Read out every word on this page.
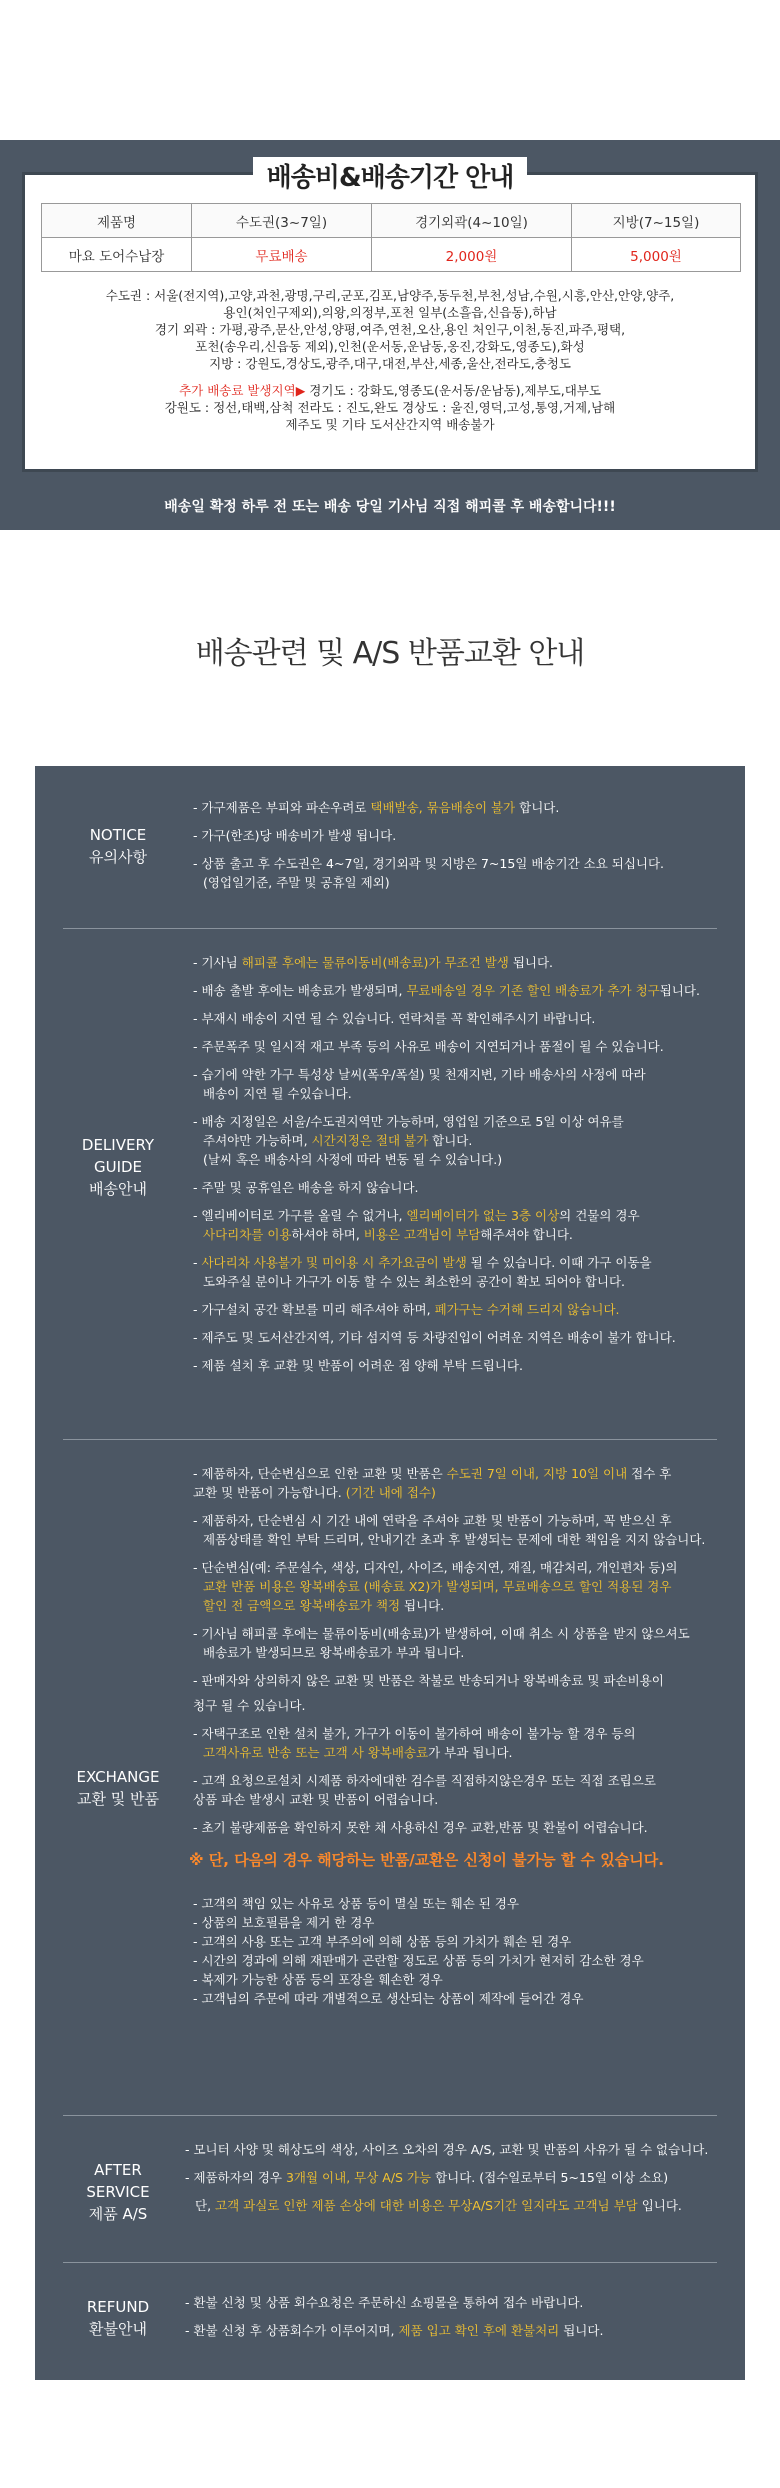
배송비&배송기간 안내
제품명	수도권(3~7일)	경기외곽(4~10일)	지방(7~15일)
마요 도어수납장	무료배송	2,000원	5,000원
수도권 : 서울(전지역),고양,과천,광명,구리,군포,김포,남양주,동두천,부천,성남,수원,시흥,안산,안양,양주,
용인(처인구제외),의왕,의정부,포천 일부(소흘읍,신읍동),하남
경기 외곽 : 가평,광주,문산,안성,양평,여주,연천,오산,용인 처인구,이천,동진,파주,평택,
포천(송우리,신읍동 제외),인천(운서동,운남동,옹진,강화도,영종도),화성
지방 : 강원도,경상도,광주,대구,대전,부산,세종,울산,전라도,충청도
추가 배송료 발생지역▶ 경기도 : 강화도,영종도(운서동/운남동),제부도,대부도
강원도 : 정선,태백,삼척 전라도 : 진도,완도 경상도 : 울진,영덕,고성,통영,거제,남해
제주도 및 기타 도서산간지역 배송불가
배송일 확정 하루 전 또는 배송 당일 기사님 직접 해피콜 후 배송합니다!!!
배송관련 및 A/S 반품교환 안내
NOTICE
유의사항
- 가구제품은 부피와 파손우려로 택배발송, 묶음배송이 불가 합니다.
- 가구(한조)당 배송비가 발생 됩니다.
- 상품 출고 후 수도권은 4~7일, 경기외곽 및 지방은 7~15일 배송기간 소요 되십니다.
(영업일기준, 주말 및 공휴일 제외)
DELIVERY
GUIDE
배송안내
- 기사님 해피콜 후에는 물류이동비(배송료)가 무조건 발생 됩니다.
- 배송 출발 후에는 배송료가 발생되며, 무료배송일 경우 기존 할인 배송료가 추가 청구됩니다.
- 부재시 배송이 지연 될 수 있습니다. 연락처를 꼭 확인해주시기 바랍니다.
- 주문폭주 및 일시적 재고 부족 등의 사유로 배송이 지연되거나 품절이 될 수 있습니다.
- 습기에 약한 가구 특성상 날씨(폭우/폭설) 및 천재지변, 기타 배송사의 사정에 따라
배송이 지연 될 수있습니다.
- 배송 지정일은 서울/수도권지역만 가능하며, 영업일 기준으로 5일 이상 여유를
주셔야만 가능하며, 시간지정은 절대 불가 합니다.
(날씨 혹은 배송사의 사정에 따라 변동 될 수 있습니다.)
- 주말 및 공휴일은 배송을 하지 않습니다.
- 엘리베이터로 가구를 올릴 수 없거나, 엘리베이터가 없는 3층 이상의 건물의 경우
사다리차를 이용하셔야 하며, 비용은 고객님이 부담해주셔야 합니다.
- 사다리차 사용불가 및 미이용 시 추가요금이 발생 될 수 있습니다. 이때 가구 이동을
도와주실 분이나 가구가 이동 할 수 있는 최소한의 공간이 확보 되어야 합니다.
- 가구설치 공간 확보를 미리 해주셔야 하며, 폐가구는 수거해 드리지 않습니다.
- 제주도 및 도서산간지역, 기타 섬지역 등 차량진입이 어려운 지역은 배송이 불가 합니다.
- 제품 설치 후 교환 및 반품이 어려운 점 양해 부탁 드립니다.
EXCHANGE
교환 및 반품
- 제품하자, 단순변심으로 인한 교환 및 반품은 수도권 7일 이내, 지방 10일 이내 접수 후
교환 및 반품이 가능합니다. (기간 내에 접수)
- 제품하자, 단순변심 시 기간 내에 연락을 주셔야 교환 및 반품이 가능하며, 꼭 받으신 후
제품상태를 확인 부탁 드리며, 안내기간 초과 후 발생되는 문제에 대한 책임을 지지 않습니다.
- 단순변심(예: 주문실수, 색상, 디자인, 사이즈, 배송지연, 재질, 매감처리, 개인편차 등)의
교환 반품 비용은 왕복배송료 (배송료 X2)가 발생되며, 무료배송으로 할인 적용된 경우
할인 전 금액으로 왕복배송료가 책정 됩니다.
- 기사님 해피콜 후에는 물류이동비(배송료)가 발생하여, 이때 취소 시 상품을 받지 않으셔도
배송료가 발생되므로 왕복배송료가 부과 됩니다.
- 판매자와 상의하지 않은 교환 및 반품은 착불로 반송되거나 왕복배송료 및 파손비용이
청구 될 수 있습니다.
- 자택구조로 인한 설치 불가, 가구가 이동이 불가하여 배송이 불가능 할 경우 등의
고객사유로 반송 또는 고객 사 왕복배송료가 부과 됩니다.
- 고객 요청으로설치 시제품 하자에대한 검수를 직접하지않은경우 또는 직접 조립으로
상품 파손 발생시 교환 및 반품이 어렵습니다.
- 초기 불량제품을 확인하지 못한 채 사용하신 경우 교환,반품 및 환불이 어렵습니다.
※ 단, 다음의 경우 해당하는 반품/교환은 신청이 불가능 할 수 있습니다.
- 고객의 책임 있는 사유로 상품 등이 멸실 또는 훼손 된 경우
- 상품의 보호필름을 제거 한 경우
- 고객의 사용 또는 고객 부주의에 의해 상품 등의 가치가 훼손 된 경우
- 시간의 경과에 의해 재판매가 곤란할 정도로 상품 등의 가치가 현저히 감소한 경우
- 복제가 가능한 상품 등의 포장을 훼손한 경우
- 고객님의 주문에 따라 개별적으로 생산되는 상품이 제작에 들어간 경우
AFTER SERVICE
제품 A/S
- 모니터 사양 및 해상도의 색상, 사이즈 오차의 경우 A/S, 교환 및 반품의 사유가 될 수 없습니다.
- 제품하자의 경우 3개월 이내, 무상 A/S 가능 합니다. (접수일로부터 5~15일 이상 소요)
단, 고객 과실로 인한 제품 손상에 대한 비용은 무상A/S기간 일지라도 고객님 부담 입니다.
REFUND
환불안내
- 환불 신청 및 상품 회수요청은 주문하신 쇼핑몰을 통하여 접수 바랍니다.
- 환불 신청 후 상품회수가 이루어지며, 제품 입고 확인 후에 환불처리 됩니다.
